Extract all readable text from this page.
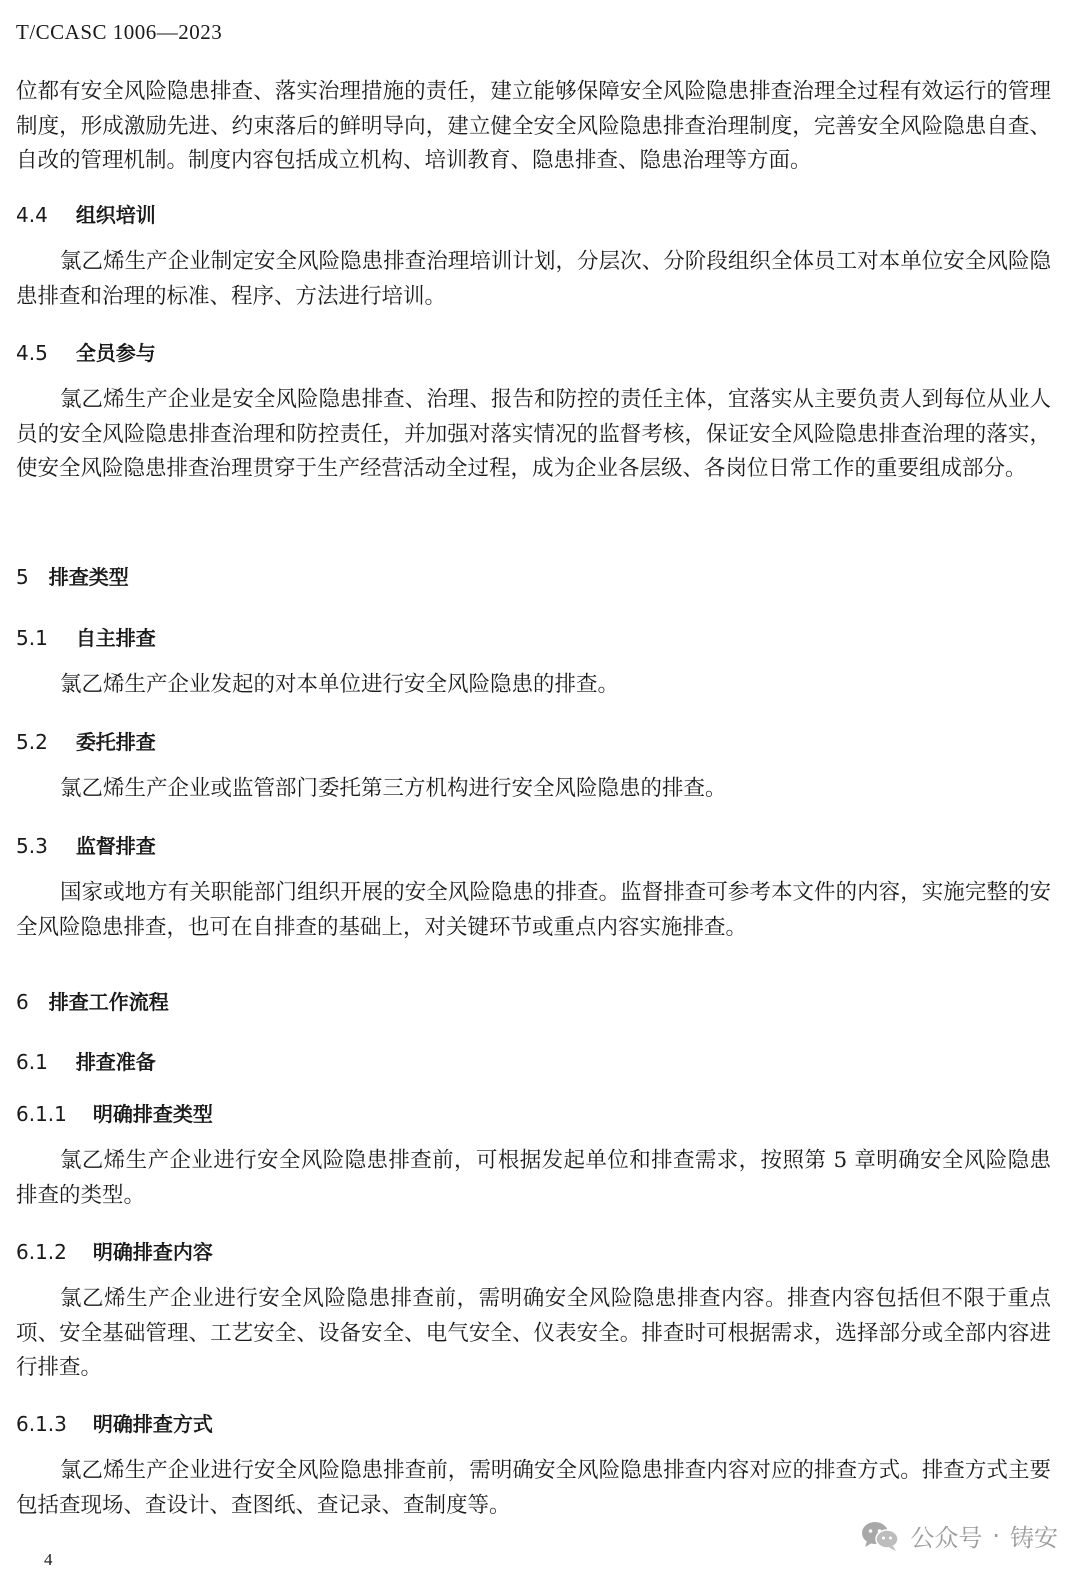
T/CCASC 1006—2023

位都有安全风险隐患排查、落实治理措施的责任，建立能够保障安全风险隐患排查治理全过程有效运行的管理制度，形成激励先进、约束落后的鲜明导向，建立健全安全风险隐患排查治理制度，完善安全风险隐患自查、自改的管理机制。制度内容包括成立机构、培训教育、隐患排查、隐患治理等方面。

4.4 组织培训

氯乙烯生产企业制定安全风险隐患排查治理培训计划，分层次、分阶段组织全体员工对本单位安全风险隐患排查和治理的标准、程序、方法进行培训。

4.5 全员参与

氯乙烯生产企业是安全风险隐患排查、治理、报告和防控的责任主体，宜落实从主要负责人到每位从业人员的安全风险隐患排查治理和防控责任，并加强对落实情况的监督考核，保证安全风险隐患排查治理的落实，使安全风险隐患排查治理贯穿于生产经营活动全过程，成为企业各层级、各岗位日常工作的重要组成部分。

5 排查类型
5.1 自主排查

氯乙烯生产企业发起的对本单位进行安全风险隐患的排查。

5.2 委托排查

氯乙烯生产企业或监管部门委托第三方机构进行安全风险隐患的排查。

5.3 监督排查

国家或地方有关职能部门组织开展的安全风险隐患的排查。监督排查可参考本文件的内容，实施完整的安全风险隐患排查，也可在自排查的基础上，对关键环节或重点内容实施排查。

6 排查工作流程
6.1 排查准备
6.1.1 明确排查类型

氯乙烯生产企业进行安全风险隐患排查前，可根据发起单位和排查需求，按照第 5 章明确安全风险隐患排查的类型。

6.1.2 明确排查内容

氯乙烯生产企业进行安全风险隐患排查前，需明确安全风险隐患排查内容。排查内容包括但不限于重点项、安全基础管理、工艺安全、设备安全、电气安全、仪表安全。排查时可根据需求，选择部分或全部内容进行排查。

6.1.3 明确排查方式

氯乙烯生产企业进行安全风险隐患排查前，需明确安全风险隐患排查内容对应的排查方式。排查方式主要包括查现场、查设计、查图纸、查记录、查制度等。

4
公众号 · 铸安
